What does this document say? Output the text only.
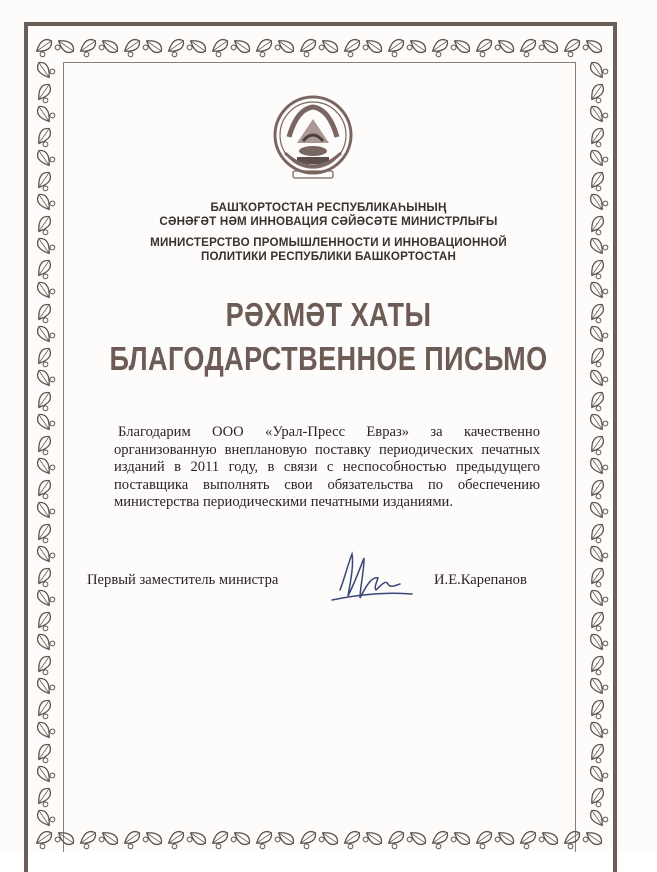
БАШҠОРТОСТАН РЕСПУБЛИКАҺЫНЫҢ
СӘНӘҒӘТ НӘМ ИННОВАЦИЯ СӘЙӘСӘТЕ МИНИСТРЛЫҒЫ
МИНИСТЕРСТВО ПРОМЫШЛЕННОСТИ И ИННОВАЦИОННОЙ
ПОЛИТИКИ РЕСПУБЛИКИ БАШКОРТОСТАН
РӘХМӘТ ХАТЫ
БЛАГОДАРСТВЕННОЕ ПИСЬМО
Благодарим ООО «Урал-Пресс Евраз» за качественно организованную внеплановую поставку периодических печатных изданий в 2011 году, в связи с неспособностью предыдущего поставщика выполнять свои обязательства по обеспечению министерства периодическими печатными изданиями.
Первый заместитель министра	И.Е.Карепанов
